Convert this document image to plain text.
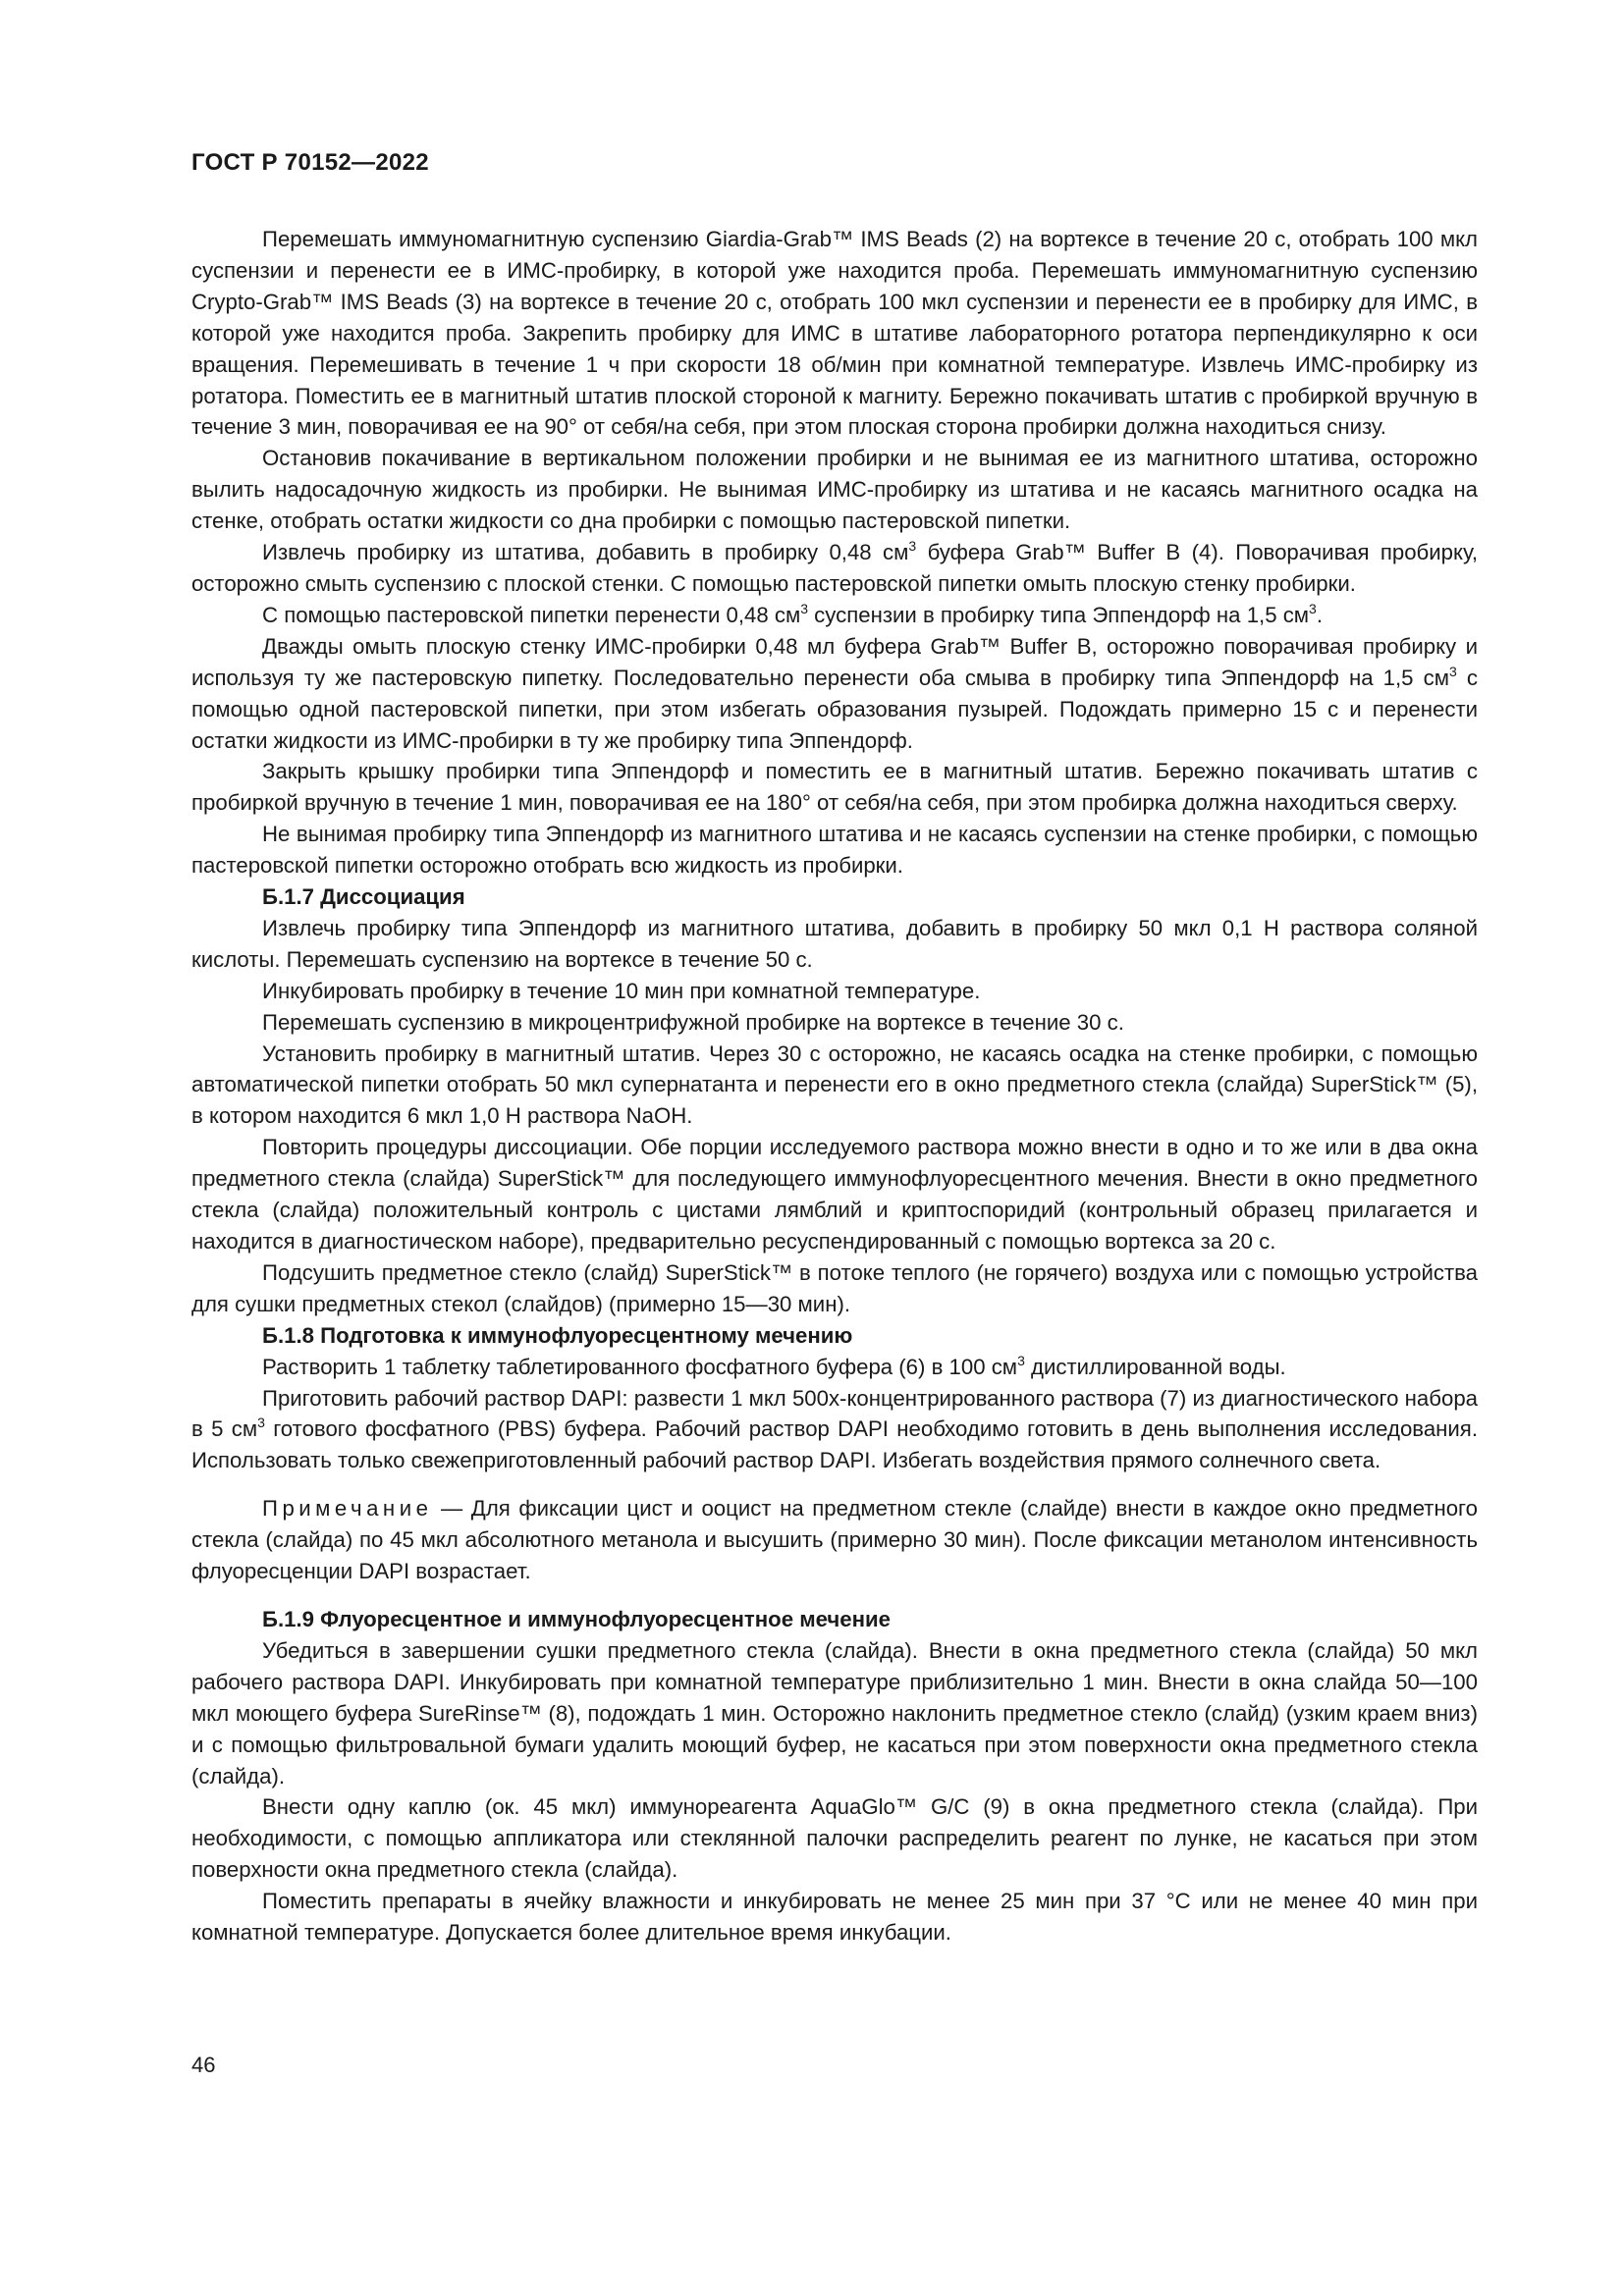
ГОСТ Р 70152—2022

Перемешать иммуномагнитную суспензию Giardia-Grab™ IMS Beads (2) на вортексе в течение 20 с, отобрать 100 мкл суспензии и перенести ее в ИМС-пробирку, в которой уже находится проба. Перемешать иммуномагнитную суспензию Crypto-Grab™ IMS Beads (3) на вортексе в течение 20 с, отобрать 100 мкл суспензии и перенести ее в пробирку для ИМС, в которой уже находится проба. Закрепить пробирку для ИМС в штативе лабораторного ротатора перпендикулярно к оси вращения. Перемешивать в течение 1 ч при скорости 18 об/мин при комнатной температуре. Извлечь ИМС-пробирку из ротатора. Поместить ее в магнитный штатив плоской стороной к магниту. Бережно покачивать штатив с пробиркой вручную в течение 3 мин, поворачивая ее на 90° от себя/на себя, при этом плоская сторона пробирки должна находиться снизу.

Остановив покачивание в вертикальном положении пробирки и не вынимая ее из магнитного штатива, осторожно вылить надосадочную жидкость из пробирки. Не вынимая ИМС-пробирку из штатива и не касаясь магнитного осадка на стенке, отобрать остатки жидкости со дна пробирки с помощью пастеровской пипетки.

Извлечь пробирку из штатива, добавить в пробирку 0,48 $см^3$ буфера Grab™ Buffer B (4). Поворачивая пробирку, осторожно смыть суспензию с плоской стенки. С помощью пастеровской пипетки омыть плоскую стенку пробирки.

С помощью пастеровской пипетки перенести 0,48 $см^3$ суспензии в пробирку типа Эппендорф на 1,5 $см^3$.

Дважды омыть плоскую стенку ИМС-пробирки 0,48 мл буфера Grab™ Buffer B, осторожно поворачивая пробирку и используя ту же пастеровскую пипетку. Последовательно перенести оба смыва в пробирку типа Эппендорф на 1,5 $см^3$ с помощью одной пастеровской пипетки, при этом избегать образования пузырей. Подождать примерно 15 с и перенести остатки жидкости из ИМС-пробирки в ту же пробирку типа Эппендорф.

Закрыть крышку пробирки типа Эппендорф и поместить ее в магнитный штатив. Бережно покачивать штатив с пробиркой вручную в течение 1 мин, поворачивая ее на 180° от себя/на себя, при этом пробирка должна находиться сверху.

Не вынимая пробирку типа Эппендорф из магнитного штатива и не касаясь суспензии на стенке пробирки, с помощью пастеровской пипетки осторожно отобрать всю жидкость из пробирки.

Б.1.7 Диссоциация

Извлечь пробирку типа Эппендорф из магнитного штатива, добавить в пробирку 50 мкл 0,1 Н раствора соляной кислоты. Перемешать суспензию на вортексе в течение 50 с.

Инкубировать пробирку в течение 10 мин при комнатной температуре.

Перемешать суспензию в микроцентрифужной пробирке на вортексе в течение 30 с.

Установить пробирку в магнитный штатив. Через 30 с осторожно, не касаясь осадка на стенке пробирки, с помощью автоматической пипетки отобрать 50 мкл супернатанта и перенести его в окно предметного стекла (слайда) SuperStick™ (5), в котором находится 6 мкл 1,0 Н раствора NaOH.

Повторить процедуры диссоциации. Обе порции исследуемого раствора можно внести в одно и то же или в два окна предметного стекла (слайда) SuperStick™ для последующего иммунофлуоресцентного мечения. Внести в окно предметного стекла (слайда) положительный контроль с цистами лямблий и криптоспоридий (контрольный образец прилагается и находится в диагностическом наборе), предварительно ресуспендированный с помощью вортекса за 20 с.

Подсушить предметное стекло (слайд) SuperStick™ в потоке теплого (не горячего) воздуха или с помощью устройства для сушки предметных стекол (слайдов) (примерно 15—30 мин).

Б.1.8 Подготовка к иммунофлуоресцентному мечению

Растворить 1 таблетку таблетированного фосфатного буфера (6) в 100 $см^3$ дистиллированной воды.

Приготовить рабочий раствор DAPI: развести 1 мкл 500х-концентрированного раствора (7) из диагностического набора в 5 $см^3$ готового фосфатного (PBS) буфера. Рабочий раствор DAPI необходимо готовить в день выполнения исследования. Использовать только свежеприготовленный рабочий раствор DAPI. Избегать воздействия прямого солнечного света.

Примечание — Для фиксации цист и ооцист на предметном стекле (слайде) внести в каждое окно предметного стекла (слайда) по 45 мкл абсолютного метанола и высушить (примерно 30 мин). После фиксации метанолом интенсивность флуоресценции DAPI возрастает.

Б.1.9 Флуоресцентное и иммунофлуоресцентное мечение

Убедиться в завершении сушки предметного стекла (слайда). Внести в окна предметного стекла (слайда) 50 мкл рабочего раствора DAPI. Инкубировать при комнатной температуре приблизительно 1 мин. Внести в окна слайда 50—100 мкл моющего буфера SureRinse™ (8), подождать 1 мин. Осторожно наклонить предметное стекло (слайд) (узким краем вниз) и с помощью фильтровальной бумаги удалить моющий буфер, не касаться при этом поверхности окна предметного стекла (слайда).

Внести одну каплю (ок. 45 мкл) иммунореагента AquaGlo™ G/C (9) в окна предметного стекла (слайда). При необходимости, с помощью аппликатора или стеклянной палочки распределить реагент по лунке, не касаться при этом поверхности окна предметного стекла (слайда).

Поместить препараты в ячейку влажности и инкубировать не менее 25 мин при 37 °С или не менее 40 мин при комнатной температуре. Допускается более длительное время инкубации.

46
